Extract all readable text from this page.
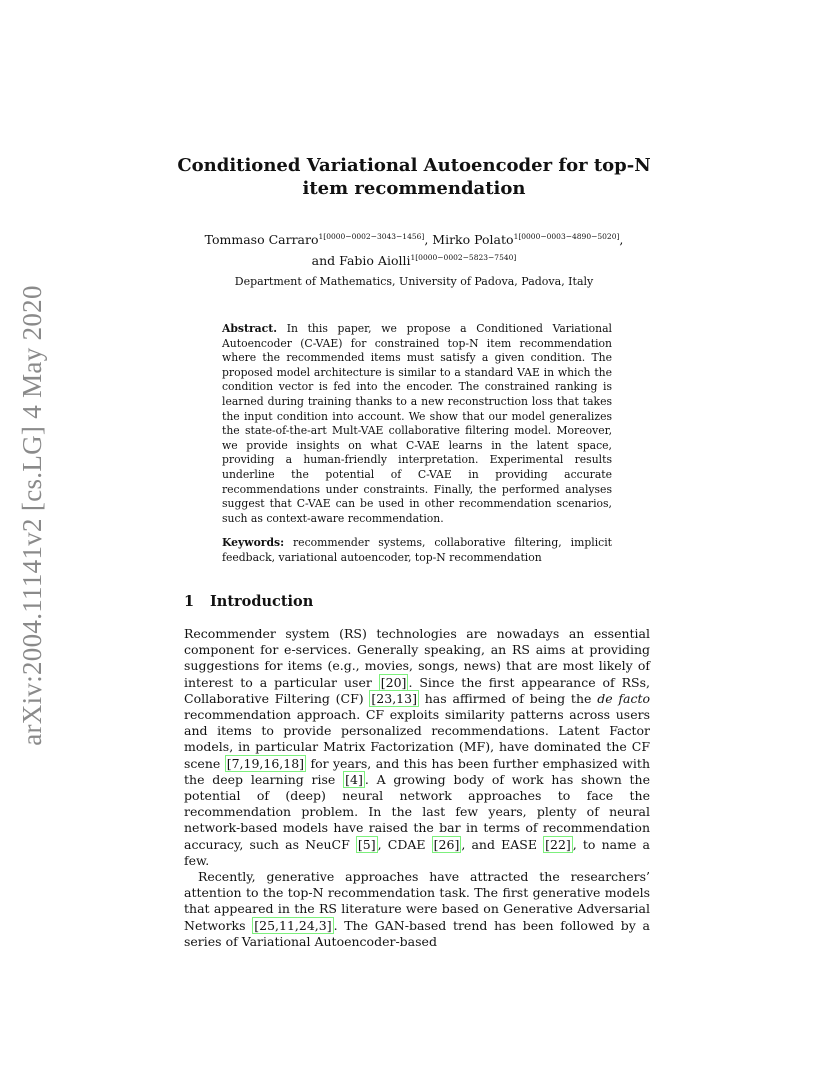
arXiv:2004.11141v2 [cs.LG] 4 May 2020
Conditioned Variational Autoencoder for top-N
item recommendation
Tommaso Carraro$^{1[0000-0002-3043-1456]}$, Mirko Polato$^{1[0000-0003-4890-5020]}$,
and Fabio Aiolli$^{1[0000-0002-5823-7540]}$
Department of Mathematics, University of Padova, Padova, Italy
Abstract. In this paper, we propose a Conditioned Variational Autoencoder (C-VAE) for constrained top-N item recommendation where the recommended items must satisfy a given condition. The proposed model architecture is similar to a standard VAE in which the condition vector is fed into the encoder. The constrained ranking is learned during training thanks to a new reconstruction loss that takes the input condition into account. We show that our model generalizes the state-of-the-art Mult-VAE collaborative filtering model. Moreover, we provide insights on what C-VAE learns in the latent space, providing a human-friendly interpretation. Experimental results underline the potential of C-VAE in providing accurate recommendations under constraints. Finally, the performed analyses suggest that C-VAE can be used in other recommendation scenarios, such as context-aware recommendation.
Keywords: recommender systems, collaborative filtering, implicit feedback, variational autoencoder, top-N recommendation
1 Introduction

Recommender system (RS) technologies are nowadays an essential component for e-services. Generally speaking, an RS aims at providing suggestions for items (e.g., movies, songs, news) that are most likely of interest to a particular user [20] . Since the first appearance of RSs, Collaborative Filtering (CF) [23,13] has affirmed of being the de facto recommendation approach. CF exploits similarity patterns across users and items to provide personalized recommendations. Latent Factor models, in particular Matrix Factorization (MF), have dominated the CF scene [7,19,16,18] for years, and this has been further emphasized with the deep learning rise [4] . A growing body of work has shown the potential of (deep) neural network approaches to face the recommendation problem. In the last few years, plenty of neural network-based models have raised the bar in terms of recommendation accuracy, such as NeuCF [5] , CDAE [26] , and EASE [22] , to name a few.

Recently, generative approaches have attracted the researchers’ attention to the top-N recommendation task. The first generative models that appeared in the RS literature were based on Generative Adversarial Networks [25,11,24,3] . The GAN-based trend has been followed by a series of Variational Autoencoder-based
